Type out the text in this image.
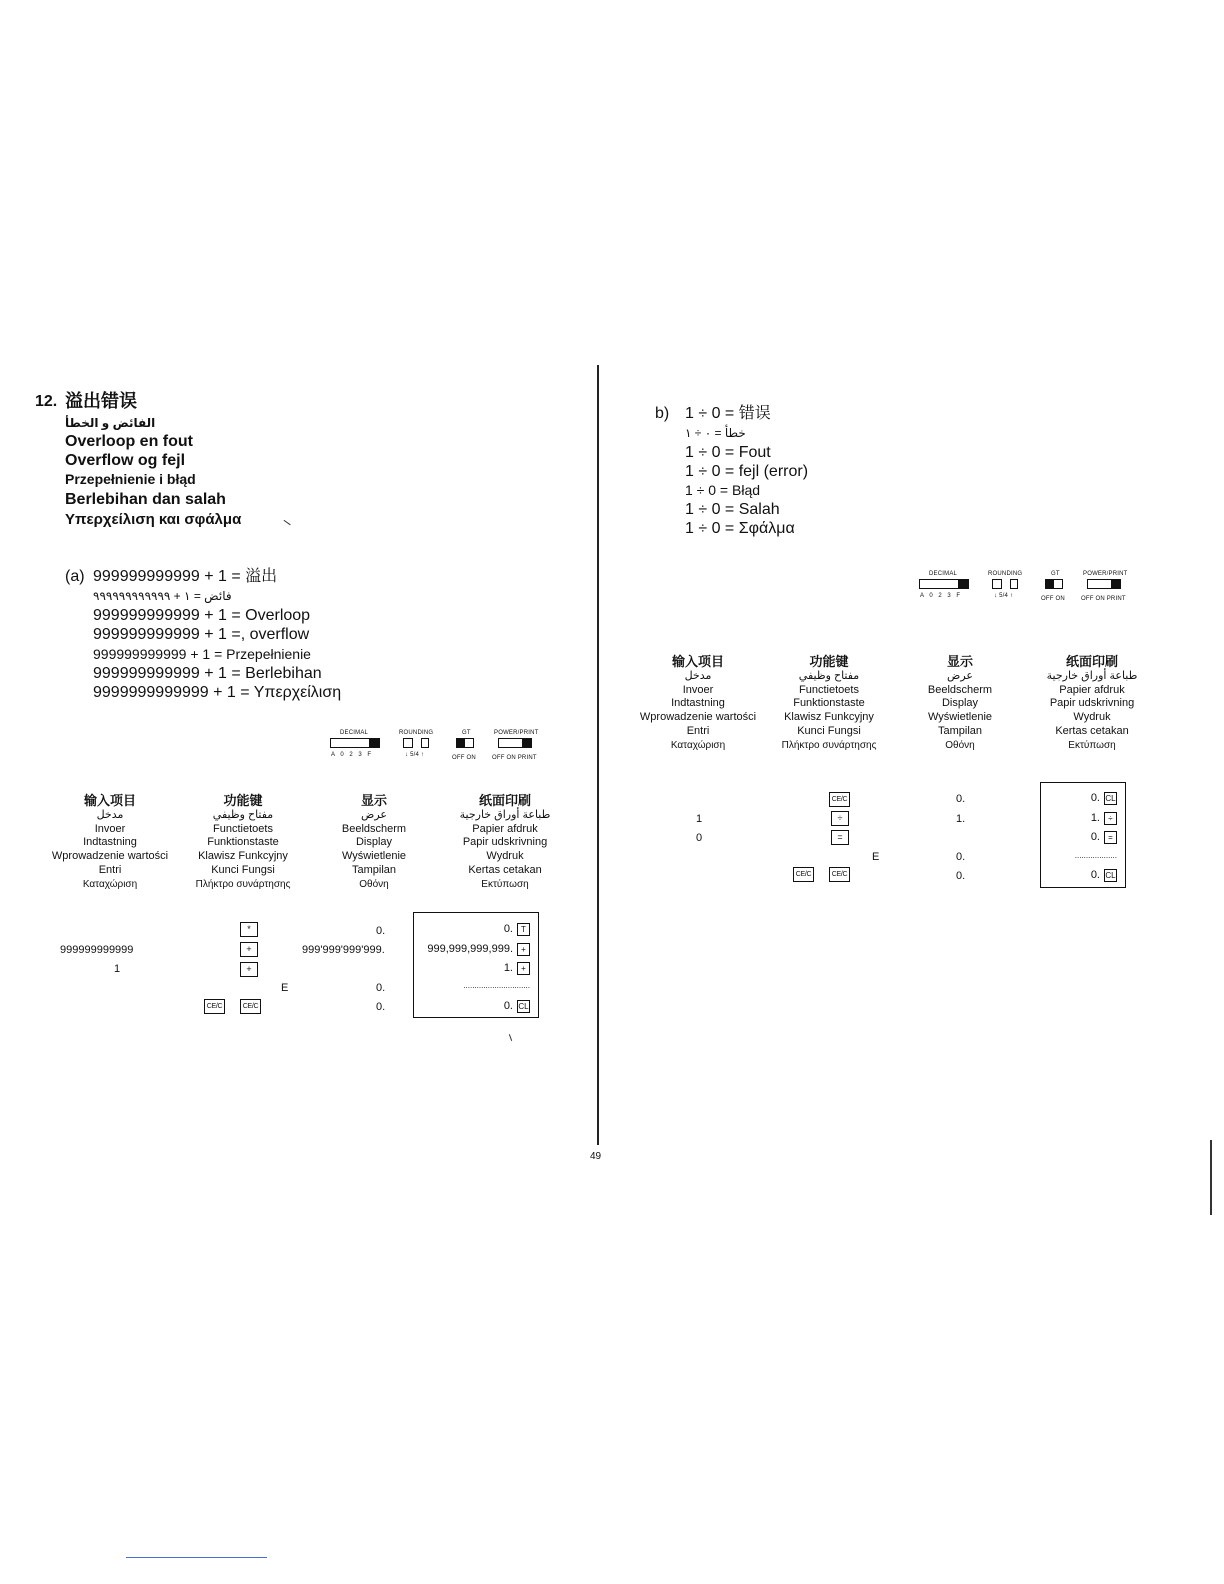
12. 溢出错误
الفائض و الخطأ
Overloop en fout
Overflow og fejl
Przepełnienie i błąd
Berlebihan dan salah
Υπερχείλιση και σφάλμα
(a) 999999999999 + 1 = 溢出
فائض = ١ + ٩٩٩٩٩٩٩٩٩٩٩٩
999999999999 + 1 = Overloop
999999999999 + 1 =, overflow
999999999999 + 1 = Przepełnienie
999999999999 + 1 = Berlebihan
9999999999999 + 1 = Υπερχείλιση
DECIMAL
A 0 2 3 F
ROUNDING
↓ 5/4 ↑
GT
OFF ON
POWER/PRINT
OFF ON PRINT
输入项目
مدخل
Invoer
Indtastning
Wprowadzenie wartości
Entri
Καταχώριση
功能键
مفتاح وظيفي
Functietoets
Funktionstaste
Klawisz Funkcyjny
Kunci Fungsi
Πλήκτρο συνάρτησης
显示
عرض
Beeldscherm
Display
Wyświetlenie
Tampilan
Οθόνη
纸面印刷
طباعة أوراق خارجية
Papier afdruk
Papir udskrivning
Wydruk
Kertas cetakan
Εκτύπωση
999999999999
1
*
+
+
CE/C	CE/C
E
0.
999'999'999'999.
0.
0.
0. T
999,999,999,999. +
1. +
..............................
0. CL
49
b) 1 ÷ 0 = 错误
خطأ = ٠ ÷ ١
1 ÷ 0 = Fout
1 ÷ 0 = fejl (error)
1 ÷ 0 = Błąd
1 ÷ 0 = Salah
1 ÷ 0 = Σφάλμα
DECIMAL
A 0 2 3 F
ROUNDING
↓ 5/4 ↑
GT
OFF ON
POWER/PRINT
OFF ON PRINT
输入项目
مدخل
Invoer
Indtastning
Wprowadzenie wartości
Entri
Καταχώριση
功能键
مفتاح وظيفي
Functietoets
Funktionstaste
Klawisz Funkcyjny
Kunci Fungsi
Πλήκτρο συνάρτησης
显示
عرض
Beeldscherm
Display
Wyświetlenie
Tampilan
Οθόνη
纸面印刷
طباعة أوراق خارجية
Papier afdruk
Papir udskrivning
Wydruk
Kertas cetakan
Εκτύπωση
1
0
CE/C
÷
=
CE/C	CE/C
E
0.
1.
0.
0.
0. CL
1. ÷
0. =
...................
0. CL
